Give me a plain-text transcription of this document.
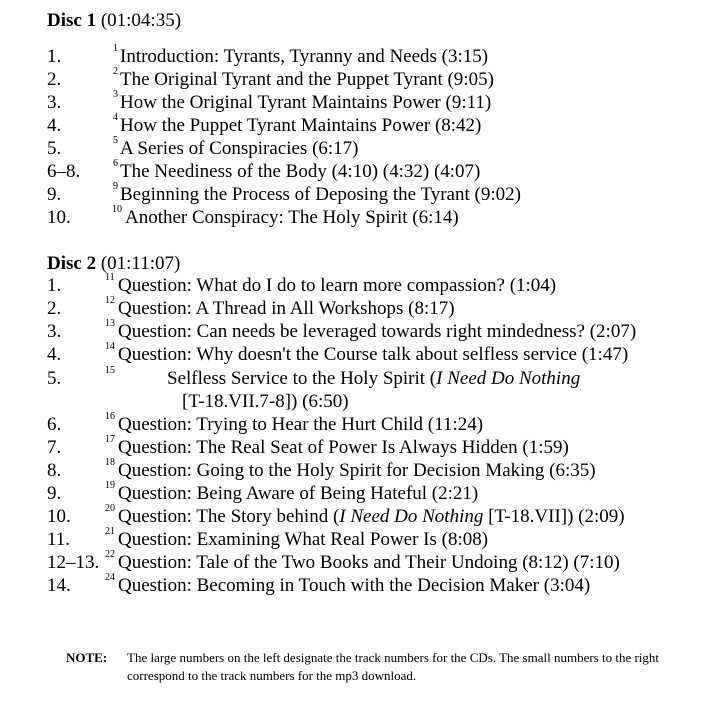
Disc 1 (01:04:35)
1.	1 Introduction: Tyrants, Tyranny and Needs (3:15)
2.	2 The Original Tyrant and the Puppet Tyrant (9:05)
3.	3 How the Original Tyrant Maintains Power (9:11)
4.	4 How the Puppet Tyrant Maintains Power (8:42)
5.	5 A Series of Conspiracies (6:17)
6–8.	6 The Neediness of the Body (4:10) (4:32) (4:07)
9.	9 Beginning the Process of Deposing the Tyrant (9:02)
10.	10 Another Conspiracy: The Holy Spirit (6:14)
Disc 2 (01:11:07)
1.	11 Question: What do I do to learn more compassion? (1:04)
2.	12 Question: A Thread in All Workshops (8:17)
3.	13 Question: Can needs be leveraged towards right mindedness? (2:07)
4.	14 Question: Why doesn't the Course talk about selfless service (1:47)
5.	15	Selfless Service to the Holy Spirit (I Need Do Nothing
[T-18.VII.7-8]) (6:50)
6.	16 Question: Trying to Hear the Hurt Child (11:24)
7.	17 Question: The Real Seat of Power Is Always Hidden (1:59)
8.	18 Question: Going to the Holy Spirit for Decision Making (6:35)
9.	19 Question: Being Aware of Being Hateful (2:21)
10.	20 Question: The Story behind (I Need Do Nothing [T-18.VII]) (2:09)
11.	21 Question: Examining What Real Power Is (8:08)
12–13. 22 Question: Tale of the Two Books and Their Undoing (8:12) (7:10)
14.	24 Question: Becoming in Touch with the Decision Maker (3:04)
NOTE: The large numbers on the left designate the track numbers for the CDs. The small numbers to the right correspond to the track numbers for the mp3 download.
